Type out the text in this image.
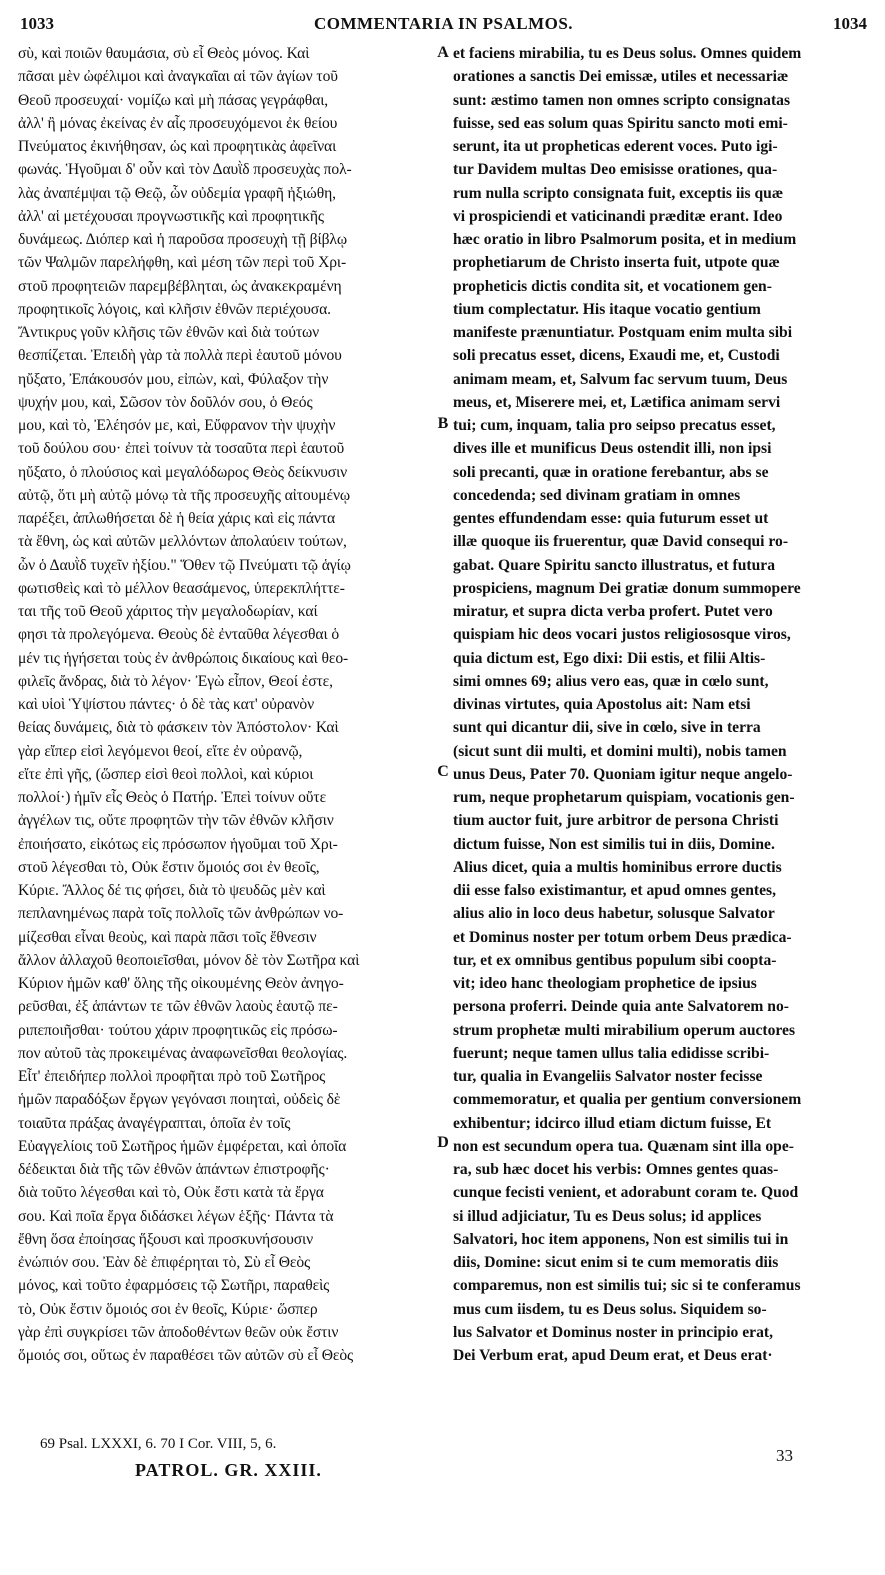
1033	COMMENTARIA IN PSALMOS.	1034
σὺ, καὶ ποιῶν θαυμάσια, σὺ εἶ Θεὸς μόνος. Καὶ
πᾶσαι μὲν ὠφέλιμοι καὶ ἀναγκαῖαι αἱ τῶν ἁγίων τοῦ
Θεοῦ προσευχαί· νομίζω καὶ μὴ πάσας γεγράφθαι,
ἀλλ' ἢ μόνας ἐκείνας ἐν αἷς προσευχόμενοι ἐκ θείου
Πνεύματος ἐκινήθησαν, ὡς καὶ προφητικὰς ἀφεῖναι
φωνάς. Ἡγοῦμαι δ' οὖν καὶ τὸν Δαυῒδ προσευχὰς πολ-
λὰς ἀναπέμψαι τῷ Θεῷ, ὧν οὐδεμία γραφῆ ἠξιώθη,
ἀλλ' αἱ μετέχουσαι προγνωστικῆς καὶ προφητικῆς
δυνάμεως. Διόπερ καὶ ἡ παροῦσα προσευχὴ τῇ βίβλῳ
τῶν Ψαλμῶν παρελήφθη, καὶ μέση τῶν περὶ τοῦ Χρι-
στοῦ προφητειῶν παρεμβέβληται, ὡς ἀνακεκραμένη
προφητικοῖς λόγοις, καὶ κλῆσιν ἐθνῶν περιέχουσα.
Ἄντικρυς γοῦν κλῆσις τῶν ἐθνῶν καὶ διὰ τούτων
θεσπίζεται. Ἐπειδὴ γὰρ τὰ πολλὰ περὶ ἑαυτοῦ μόνου
ηὔξατο, Ἐπάκουσόν μου, εἰπὼν, καὶ, Φύλαξον τὴν
ψυχήν μου, καὶ, Σῶσον τὸν δοῦλόν σου, ὁ Θεός
μου, καὶ τὸ, Ἐλέησόν με, καὶ, Εὔφρανον τὴν ψυχὴν
τοῦ δούλου σου· ἐπεὶ τοίνυν τὰ τοσαῦτα περὶ ἑαυτοῦ
ηὔξατο, ὁ πλούσιος καὶ μεγαλόδωρος Θεὸς δείκνυσιν
αὐτῷ, ὅτι μὴ αὐτῷ μόνῳ τὰ τῆς προσευχῆς αἰτουμένῳ
παρέξει, ἀπλωθήσεται δὲ ἡ θεία χάρις καὶ εἰς πάντα
τὰ ἔθνη, ὡς καὶ αὐτῶν μελλόντων ἀπολαύειν τούτων,
ὧν ὁ Δαυῒδ τυχεῖν ἠξίου." Ὅθεν τῷ Πνεύματι τῷ ἁγίῳ
φωτισθεὶς καὶ τὸ μέλλον θεασάμενος, ὑπερεκπλήττε-
ται τῆς τοῦ Θεοῦ χάριτος τὴν μεγαλοδωρίαν, καί
φησι τὰ προλεγόμενα. Θεοὺς δὲ ἐνταῦθα λέγεσθαι ὁ
μέν τις ἡγήσεται τοὺς ἐν ἀνθρώποις δικαίους καὶ θεο-
φιλεῖς ἄνδρας, διὰ τὸ λέγον· Ἐγὼ εἶπον, Θεοί ἐστε,
καὶ υἱοὶ Ὑψίστου πάντες· ὁ δὲ τὰς κατ' οὐρανὸν
θείας δυνάμεις, διὰ τὸ φάσκειν τὸν Ἀπόστολον· Καὶ
γὰρ εἴπερ εἰσὶ λεγόμενοι θεοί, εἴτε ἐν οὐρανῷ,
εἴτε ἐπὶ γῆς, (ὥσπερ εἰσὶ θεοὶ πολλοὶ, καὶ κύριοι
πολλοί·) ἡμῖν εἷς Θεὸς ὁ Πατήρ. Ἐπεὶ τοίνυν οὔτε
ἀγγέλων τις, οὔτε προφητῶν τὴν τῶν ἐθνῶν κλῆσιν
ἐποιήσατο, εἰκότως εἰς πρόσωπον ἡγοῦμαι τοῦ Χρι-
στοῦ λέγεσθαι τὸ, Οὐκ ἔστιν ὅμοιός σοι ἐν θεοῖς,
Κύριε. Ἄλλος δέ τις φήσει, διὰ τὸ ψευδῶς μὲν καὶ
πεπλανημένως παρὰ τοῖς πολλοῖς τῶν ἀνθρώπων νο-
μίζεσθαι εἶναι θεοὺς, καὶ παρὰ πᾶσι τοῖς ἔθνεσιν
ἄλλον ἀλλαχοῦ θεοποιεῖσθαι, μόνον δὲ τὸν Σωτῆρα καὶ
Κύριον ἡμῶν καθ' ὅλης τῆς οἰκουμένης Θεὸν ἀνηγο-
ρεῦσθαι, ἐξ ἁπάντων τε τῶν ἐθνῶν λαοὺς ἑαυτῷ πε-
ριπεποιῆσθαι· τούτου χάριν προφητικῶς εἰς πρόσω-
πον αὐτοῦ τὰς προκειμένας ἀναφωνεῖσθαι θεολογίας.
Εἶτ' ἐπειδήπερ πολλοὶ προφῆται πρὸ τοῦ Σωτῆρος
ἡμῶν παραδόξων ἔργων γεγόνασι ποιηταὶ, οὐδεὶς δὲ
τοιαῦτα πράξας ἀναγέγραπται, ὁποῖα ἐν τοῖς
Εὐαγγελίοις τοῦ Σωτῆρος ἡμῶν ἐμφέρεται, καὶ ὁποῖα
δέδεικται διὰ τῆς τῶν ἐθνῶν ἁπάντων ἐπιστροφῆς·
διὰ τοῦτο λέγεσθαι καὶ τὸ, Οὐκ ἔστι κατὰ τὰ ἔργα
σου. Καὶ ποῖα ἔργα διδάσκει λέγων ἑξῆς· Πάντα τὰ
ἔθνη ὅσα ἐποίησας ἥξουσι καὶ προσκυνήσουσιν
ἐνώπιόν σου. Ἐὰν δὲ ἐπιφέρηται τὸ, Σὺ εἶ Θεὸς
μόνος, καὶ τοῦτο ἐφαρμόσεις τῷ Σωτῆρι, παραθεὶς
τὸ, Οὐκ ἔστιν ὅμοιός σοι ἐν θεοῖς, Κύριε· ὥσπερ
γὰρ ἐπὶ συγκρίσει τῶν ἀποδοθέντων θεῶν οὐκ ἔστιν
ὅμοιός σοι, οὕτως ἐν παραθέσει τῶν αὐτῶν σὺ εἶ Θεὸς
et faciens mirabilia, tu es Deus solus. Omnes quidem
orationes a sanctis Dei emissæ, utiles et necessariæ
sunt: æstimo tamen non omnes scripto consignatas
fuisse, sed eas solum quas Spiritu sancto moti emi-
serunt, ita ut propheticas ederent voces. Puto igi-
tur Davidem multas Deo emisisse orationes, qua-
rum nulla scripto consignata fuit, exceptis iis quæ
vi prospiciendi et vaticinandi præditæ erant. Ideo
hæc oratio in libro Psalmorum posita, et in medium
prophetiarum de Christo inserta fuit, utpote quæ
propheticis dictis condita sit, et vocationem gen-
tium complectatur. His itaque vocatio gentium
manifeste prænuntiatur. Postquam enim multa sibi
soli precatus esset, dicens, Exaudi me, et, Custodi
animam meam, et, Salvum fac servum tuum, Deus
meus, et, Miserere mei, et, Lætifica animam servi
tui; cum, inquam, talia pro seipso precatus esset,
dives ille et munificus Deus ostendit illi, non ipsi
soli precanti, quæ in oratione ferebantur, abs se
concedenda; sed divinam gratiam in omnes
gentes effundendam esse: quia futurum esset ut
illæ quoque iis fruerentur, quæ David consequi ro-
gabat. Quare Spiritu sancto illustratus, et futura
prospiciens, magnum Dei gratiæ donum summopere
miratur, et supra dicta verba profert. Putet vero
quispiam hic deos vocari justos religiososque viros,
quia dictum est, Ego dixi: Dii estis, et filii Altis-
simi omnes 69; alius vero eas, quæ in cœlo sunt,
divinas virtutes, quia Apostolus ait: Nam etsi
sunt qui dicantur dii, sive in cœlo, sive in terra
(sicut sunt dii multi, et domini multi), nobis tamen
unus Deus, Pater 70. Quoniam igitur neque angelo-
rum, neque prophetarum quispiam, vocationis gen-
tium auctor fuit, jure arbitror de persona Christi
dictum fuisse, Non est similis tui in diis, Domine.
Alius dicet, quia a multis hominibus errore ductis
dii esse falso existimantur, et apud omnes gentes,
alius alio in loco deus habetur, solusque Salvator
et Dominus noster per totum orbem Deus prædica-
tur, et ex omnibus gentibus populum sibi coopta-
vit; ideo hanc theologiam prophetice de ipsius
persona proferri. Deinde quia ante Salvatorem no-
strum prophetæ multi mirabilium operum auctores
fuerunt; neque tamen ullus talia edidisse scribi-
tur, qualia in Evangeliis Salvator noster fecisse
commemoratur, et qualia per gentium conversionem
exhibentur; idcirco illud etiam dictum fuisse, Et
non est secundum opera tua. Quænam sint illa ope-
ra, sub hæc docet his verbis: Omnes gentes quas-
cunque fecisti venient, et adorabunt coram te. Quod
si illud adjiciatur, Tu es Deus solus; id applices
Salvatori, hoc item apponens, Non est similis tui in
diis, Domine: sicut enim si te cum memoratis diis
comparemus, non est similis tui; sic si te conferamus
mus cum iisdem, tu es Deus solus. Siquidem so-
lus Salvator et Dominus noster in principio erat,
Dei Verbum erat, apud Deum erat, et Deus erat·
A
B
C
D
69 Psal. LXXXI, 6. 70 I Cor. VIII, 5, 6.
PATROL. GR. XXIII.
33
